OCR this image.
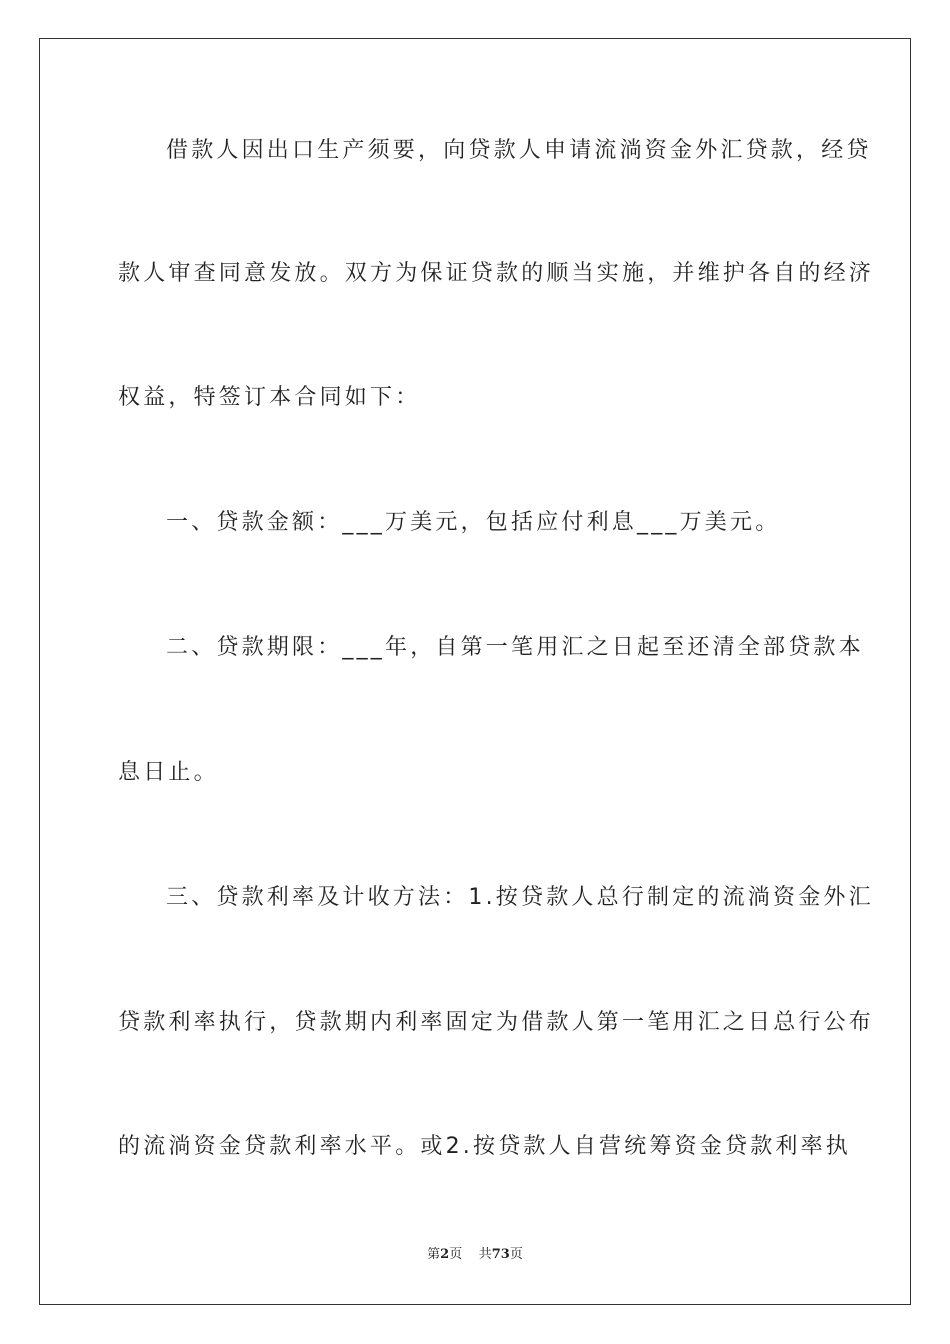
借款人因出口生产须要，向贷款人申请流淌资金外汇贷款，经贷
款人审查同意发放。双方为保证贷款的顺当实施，并维护各自的经济
权益，特签订本合同如下：
一、贷款金额：___万美元，包括应付利息___万美元。
二、贷款期限：___年，自第一笔用汇之日起至还清全部贷款本
息日止。
三、贷款利率及计收方法：1.按贷款人总行制定的流淌资金外汇
贷款利率执行，贷款期内利率固定为借款人第一笔用汇之日总行公布
的流淌资金贷款利率水平。或2.按贷款人自营统筹资金贷款利率执
第2页 共73页
